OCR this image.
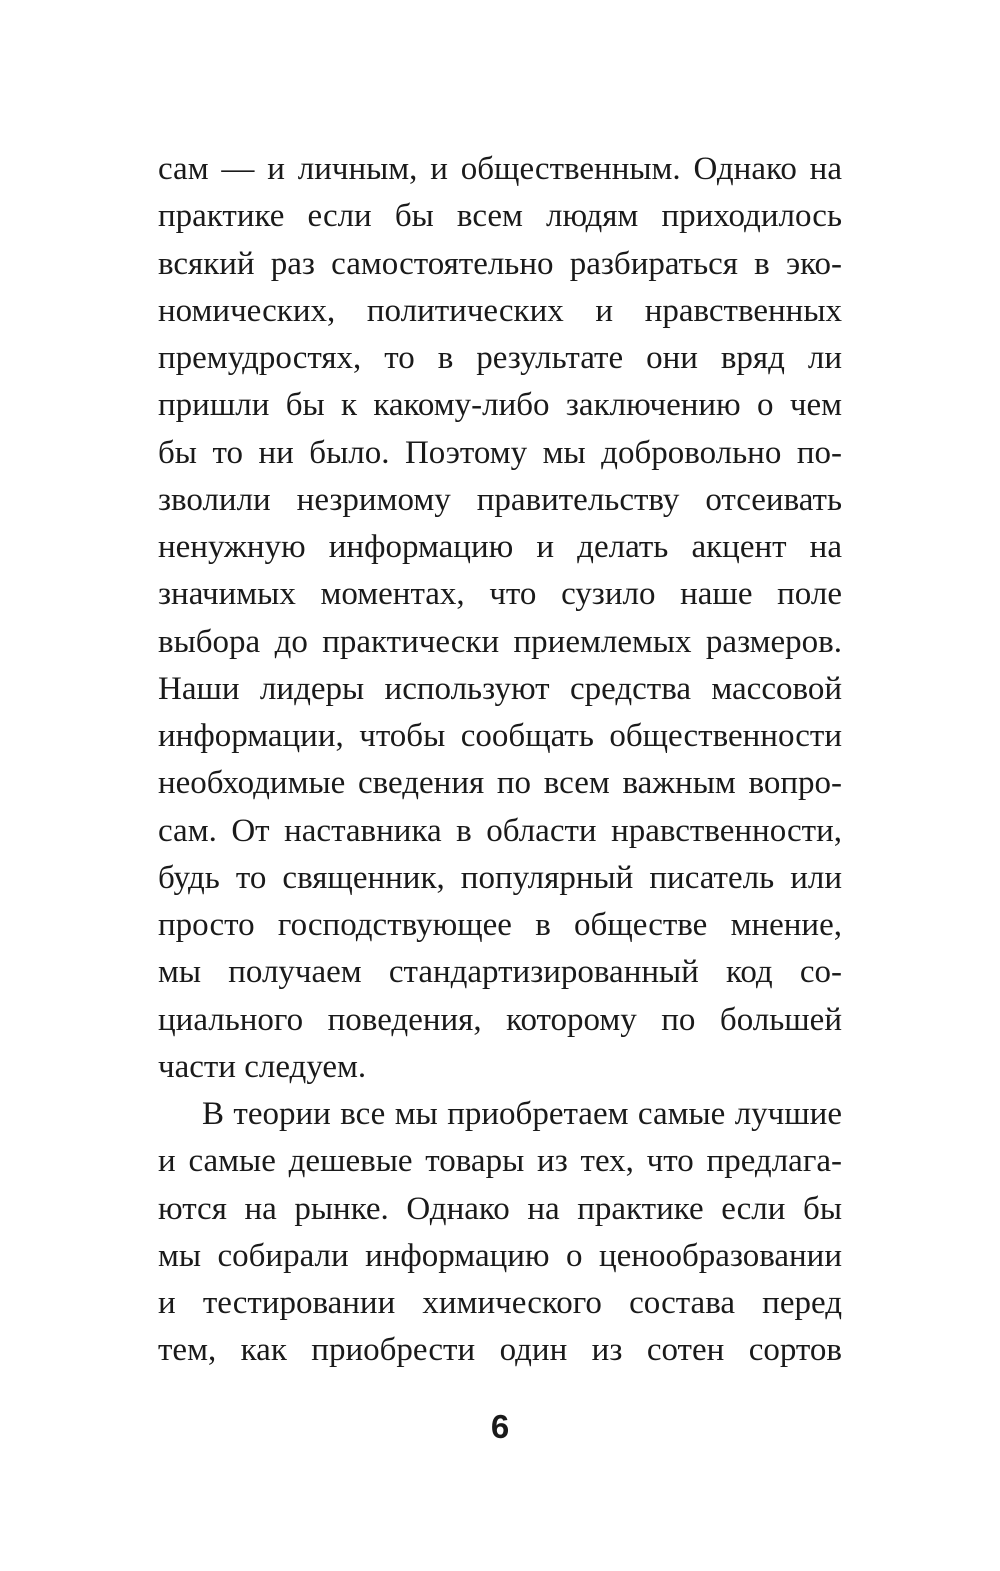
сам — и личным, и общественным. Однако на
практике если бы всем людям приходилось
всякий раз самостоятельно разбираться в эко-
номических, политических и нравственных
премудростях, то в результате они вряд ли
пришли бы к какому-либо заключению о чем
бы то ни было. Поэтому мы добровольно по-
зволили незримому правительству отсеивать
ненужную информацию и делать акцент на
значимых моментах, что сузило наше поле
выбора до практически приемлемых размеров.
Наши лидеры используют средства массовой
информации, чтобы сообщать общественности
необходимые сведения по всем важным вопро-
сам. От наставника в области нравственности,
будь то священник, популярный писатель или
просто господствующее в обществе мнение,
мы получаем стандартизированный код со-
циального поведения, которому по большей
части следуем.
В теории все мы приобретаем самые лучшие
и самые дешевые товары из тех, что предлага-
ются на рынке. Однако на практике если бы
мы собирали информацию о ценообразовании
и тестировании химического состава перед
тем, как приобрести один из сотен сортов
6
